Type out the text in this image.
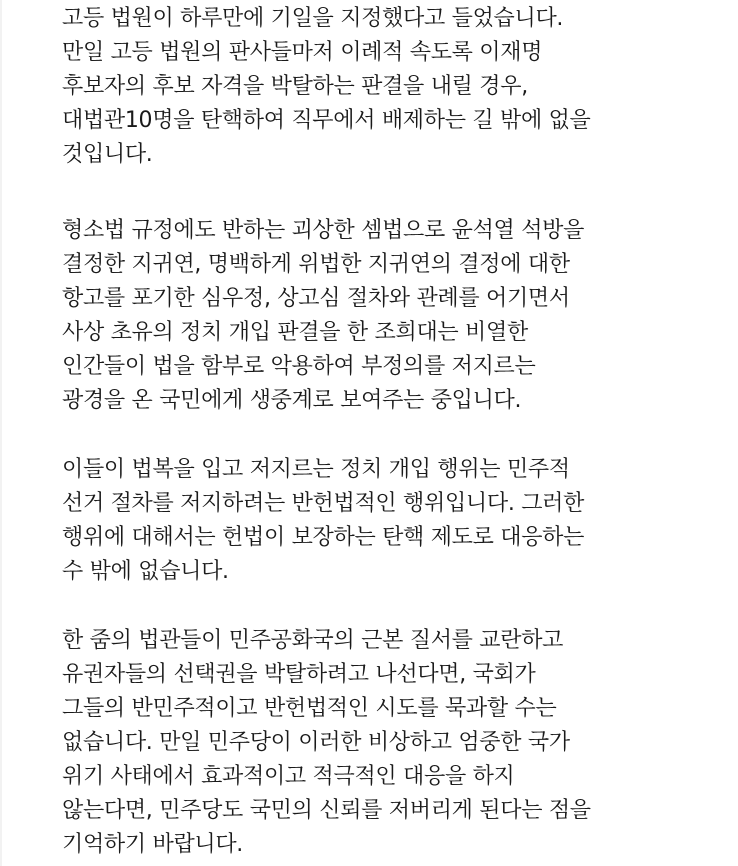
고등 법원이 하루만에 기일을 지정했다고 들었습니다.
만일 고등 법원의 판사들마저 이례적 속도록 이재명
후보자의 후보 자격을 박탈하는 판결을 내릴 경우,
대법관10명을 탄핵하여 직무에서 배제하는 길 밖에 없을
것입니다.
형소법 규정에도 반하는 괴상한 셈법으로 윤석열 석방을
결정한 지귀연, 명백하게 위법한 지귀연의 결정에 대한
항고를 포기한 심우정, 상고심 절차와 관례를 어기면서
사상 초유의 정치 개입 판결을 한 조희대는 비열한
인간들이 법을 함부로 악용하여 부정의를 저지르는
광경을 온 국민에게 생중계로 보여주는 중입니다.
이들이 법복을 입고 저지르는 정치 개입 행위는 민주적
선거 절차를 저지하려는 반헌법적인 행위입니다. 그러한
행위에 대해서는 헌법이 보장하는 탄핵 제도로 대응하는
수 밖에 없습니다.
한 줌의 법관들이 민주공화국의 근본 질서를 교란하고
유권자들의 선택권을 박탈하려고 나선다면, 국회가
그들의 반민주적이고 반헌법적인 시도를 묵과할 수는
없습니다. 만일 민주당이 이러한 비상하고 엄중한 국가
위기 사태에서 효과적이고 적극적인 대응을 하지
않는다면, 민주당도 국민의 신뢰를 저버리게 된다는 점을
기억하기 바랍니다.
